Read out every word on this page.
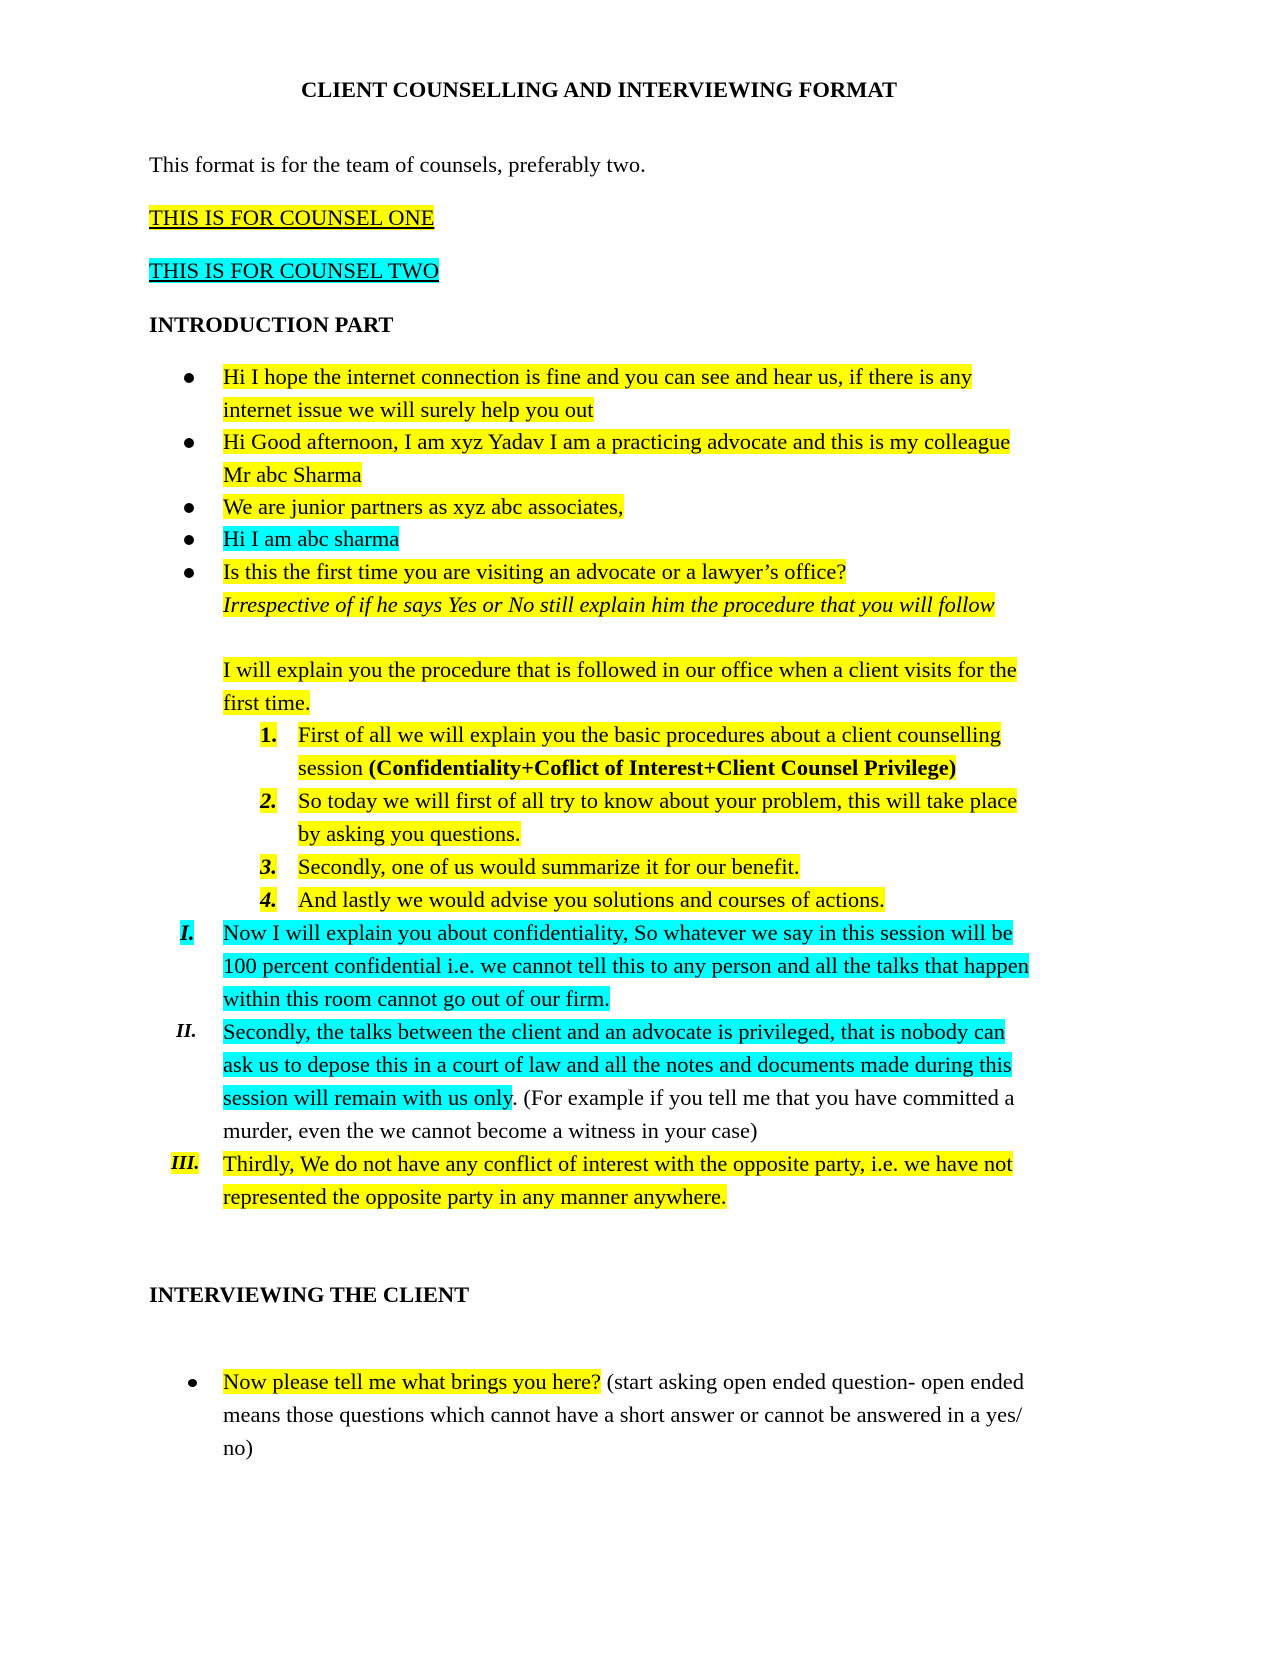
CLIENT COUNSELLING AND INTERVIEWING FORMAT
This format is for the team of counsels, preferably two.
THIS IS FOR COUNSEL ONE
THIS IS FOR COUNSEL TWO
INTRODUCTION PART
Hi I hope the internet connection is fine and you can see and hear us, if there is any
internet issue we will surely help you out
Hi Good afternoon, I am xyz Yadav I am a practicing advocate and this is my colleague
Mr abc Sharma
We are junior partners as xyz abc associates,
Hi I am abc sharma
Is this the first time you are visiting an advocate or a lawyer’s office?
Irrespective of if he says Yes or No still explain him the procedure that you will follow
I will explain you the procedure that is followed in our office when a client visits for the
first time.
1. First of all we will explain you the basic procedures about a client counselling
session (Confidentiality+Coflict of Interest+Client Counsel Privilege)
2. So today we will first of all try to know about your problem, this will take place
by asking you questions.
3. Secondly, one of us would summarize it for our benefit.
4. And lastly we would advise you solutions and courses of actions.
I. Now I will explain you about confidentiality, So whatever we say in this session will be
100 percent confidential i.e. we cannot tell this to any person and all the talks that happen
within this room cannot go out of our firm.
II. Secondly, the talks between the client and an advocate is privileged, that is nobody can
ask us to depose this in a court of law and all the notes and documents made during this
session will remain with us only. (For example if you tell me that you have committed a
murder, even the we cannot become a witness in your case)
III. Thirdly, We do not have any conflict of interest with the opposite party, i.e. we have not
represented the opposite party in any manner anywhere.
INTERVIEWING THE CLIENT
Now please tell me what brings you here? (start asking open ended question- open ended
means those questions which cannot have a short answer or cannot be answered in a yes/
no)
